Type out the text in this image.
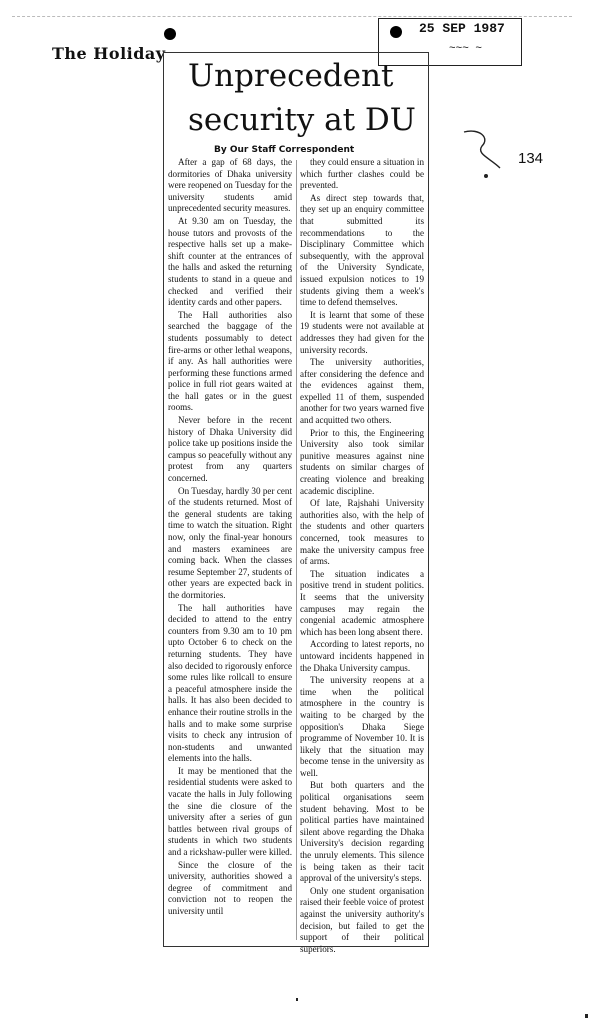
The Holiday
25 SEP 1987
~~~ ~
134
Unprecedent
security at DU
By Our Staff Correspondent

After a gap of 68 days, the dormitories of Dhaka university were reopened on Tuesday for the university students amid unprecedented security measures.

At 9.30 am on Tuesday, the house tutors and provosts of the respective halls set up a make-shift counter at the entrances of the halls and asked the returning students to stand in a queue and checked and verified their identity cards and other papers.

The Hall authorities also searched the baggage of the students possumably to detect fire-arms or other lethal weapons, if any. As hall authorities were performing these functions armed police in full riot gears waited at the hall gates or in the guest rooms.

Never before in the recent history of Dhaka University did police take up positions inside the campus so peacefully without any protest from any quarters concerned.

On Tuesday, hardly 30 per cent of the students returned. Most of the general students are taking time to watch the situation. Right now, only the final-year honours and masters examinees are coming back. When the classes resume September 27, students of other years are expected back in the dormitories.

The hall authorities have decided to attend to the entry counters from 9.30 am to 10 pm upto October 6 to check on the returning students. They have also decided to rigorously enforce some rules like rollcall to ensure a peaceful atmosphere inside the halls. It has also been decided to enhance their routine strolls in the halls and to make some surprise visits to check any intrusion of non-students and unwanted elements into the halls.

It may be mentioned that the residential students were asked to vacate the halls in July following the sine die closure of the university after a series of gun battles between rival groups of students in which two students and a rickshaw-puller were killed.

Since the closure of the university, authorities showed a degree of commitment and conviction not to reopen the university until

they could ensure a situation in which further clashes could be prevented.

As direct step towards that, they set up an enquiry committee that submitted its recommendations to the Disciplinary Committee which subsequently, with the approval of the University Syndicate, issued expulsion notices to 19 students giving them a week's time to defend themselves.

It is learnt that some of these 19 students were not available at addresses they had given for the university records.

The university authorities, after considering the defence and the evidences against them, expelled 11 of them, suspended another for two years warned five and acquitted two others.

Prior to this, the Engineering University also took similar punitive measures against nine students on similar charges of creating violence and breaking academic discipline.

Of late, Rajshahi University authorities also, with the help of the students and other quarters concerned, took measures to make the university campus free of arms.

The situation indicates a positive trend in student politics. It seems that the university campuses may regain the congenial academic atmosphere which has been long absent there.

According to latest reports, no untoward incidents happened in the Dhaka University campus.

The university reopens at a time when the political atmosphere in the country is waiting to be charged by the opposition's Dhaka Siege programme of November 10. It is likely that the situation may become tense in the university as well.

But both quarters and the political organisations seem student behaving. Most to be political parties have maintained silent above regarding the Dhaka University's decision regarding the unruly elements. This silence is being taken as their tacit approval of the university's steps.

Only one student organisation raised their feeble voice of protest against the university authority's decision, but failed to get the support of their political superiors.
